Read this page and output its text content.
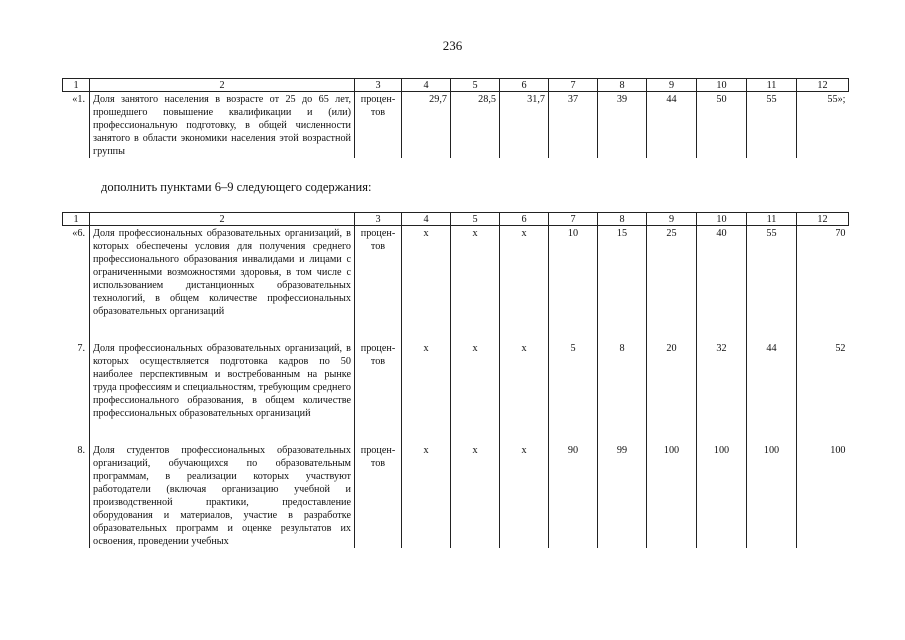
236
1	2	3	4	5	6	7	8	9	10	11	12
«1.	Доля занятого населения в возрасте от 25 до 65 лет, прошедшего повышение квалификации и (или) профессиональную подготовку, в общей численности занятого в области экономики населения этой возрастной группы	процен-тов	29,7	28,5	31,7	37	39	44	50	55	55»;
дополнить пунктами 6–9 следующего содержания:
1	2	3	4	5	6	7	8	9	10	11	12
«6.	Доля профессиональных образовательных организаций, в которых обеспечены условия для получения среднего профессионального образования инвалидами и лицами с ограниченными возможностями здоровья, в том числе с использованием дистанционных образовательных технологий, в общем количестве профессиональных образовательных организаций	процен-тов	х	х	х	10	15	25	40	55	70

7.	Доля профессиональных образовательных организаций, в которых осуществляется подготовка кадров по 50 наиболее перспективным и востребованным на рынке труда профессиям и специальностям, требующим среднего профессионального образования, в общем количестве профессиональных образовательных организаций	процен-тов	х	х	х	5	8	20	32	44	52

8.	Доля студентов профессиональных образовательных организаций, обучающихся по образовательным программам, в реализации которых участвуют работодатели (включая организацию учебной и производственной практики, предоставление оборудования и материалов, участие в разработке образовательных программ и оценке результатов их освоения, проведении учебных	процен-тов	х	х	х	90	99	100	100	100	100
